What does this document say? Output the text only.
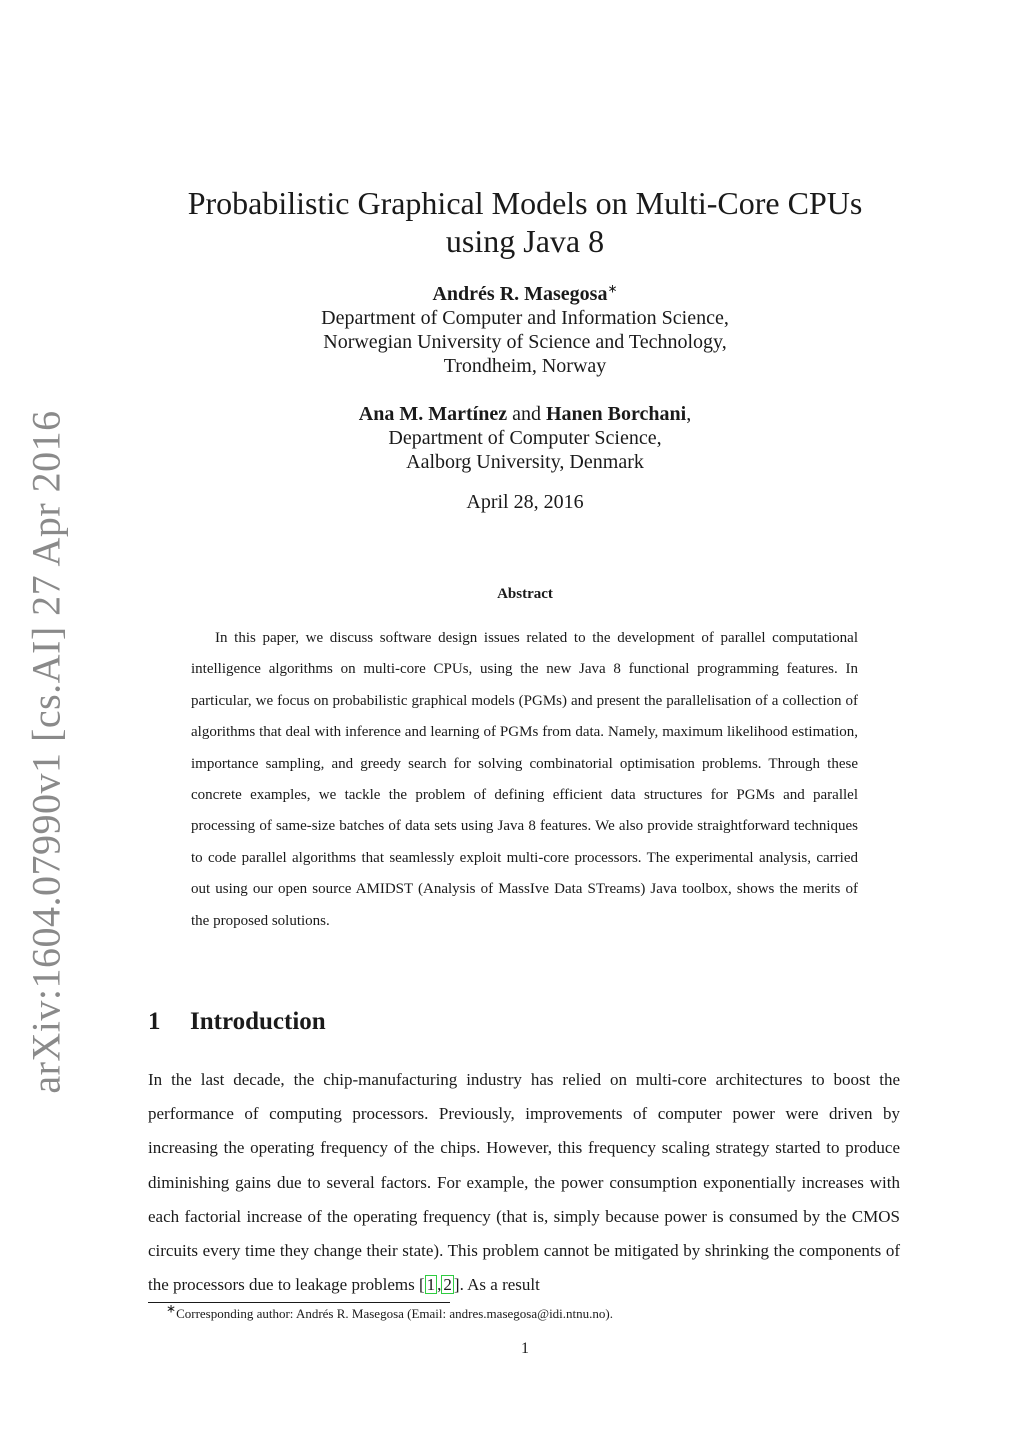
arXiv:1604.07990v1 [cs.AI] 27 Apr 2016
Probabilistic Graphical Models on Multi-Core CPUs
using Java 8
Andrés R. Masegosa∗
Department of Computer and Information Science,
Norwegian University of Science and Technology,
Trondheim, Norway
Ana M. Martínez and Hanen Borchani,
Department of Computer Science,
Aalborg University, Denmark
April 28, 2016
Abstract
In this paper, we discuss software design issues related to the development of parallel computational intelligence algorithms on multi-core CPUs, using the new Java 8 functional programming features. In particular, we focus on probabilistic graphical models (PGMs) and present the parallelisation of a collection of algorithms that deal with inference and learning of PGMs from data. Namely, maximum likelihood estimation, importance sampling, and greedy search for solving combinatorial optimisation problems. Through these concrete examples, we tackle the problem of defining efficient data structures for PGMs and parallel processing of same-size batches of data sets using Java 8 features. We also provide straightforward techniques to code parallel algorithms that seamlessly exploit multi-core processors. The experimental analysis, carried out using our open source AMIDST (Analysis of MassIve Data STreams) Java toolbox, shows the merits of the proposed solutions.
1 Introduction
In the last decade, the chip-manufacturing industry has relied on multi-core architectures to boost the performance of computing processors. Previously, improvements of computer power were driven by increasing the operating frequency of the chips. However, this frequency scaling strategy started to produce diminishing gains due to several factors. For example, the power consumption exponentially increases with each factorial increase of the operating frequency (that is, simply because power is consumed by the CMOS circuits every time they change their state). This problem cannot be mitigated by shrinking the components of the processors due to leakage problems [ 1 , 2 ]. As a result
∗Corresponding author: Andrés R. Masegosa (Email: andres.masegosa@idi.ntnu.no).
1
